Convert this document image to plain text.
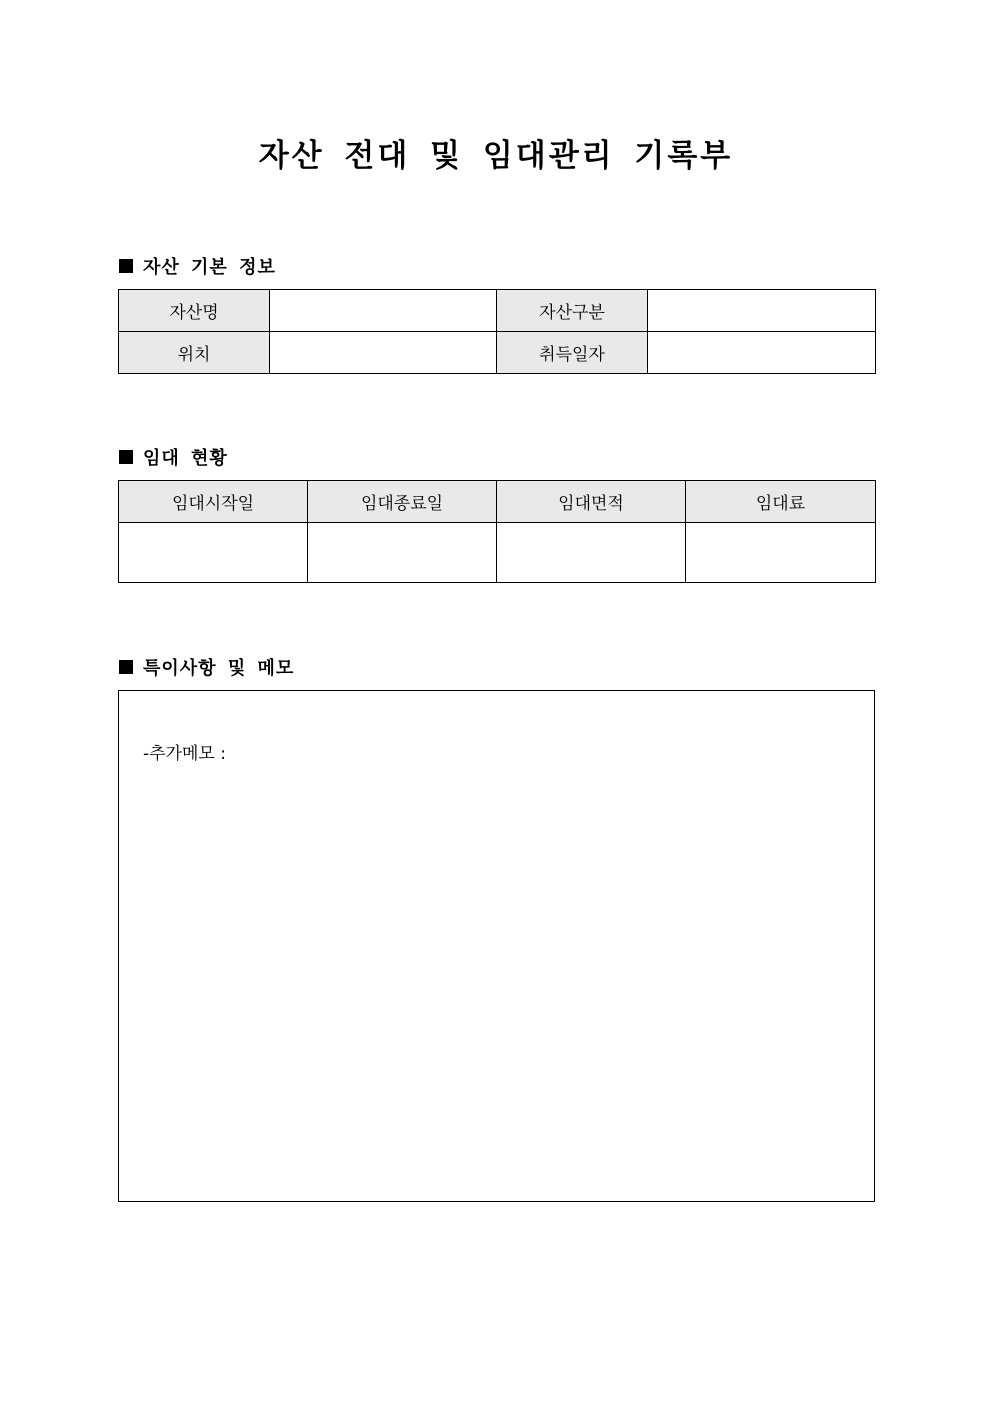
자산 전대 및 임대관리 기록부
자산 기본 정보
자산명		자산구분	
위치		취득일자	
임대 현황
임대시작일	임대종료일	임대면적	임대료

특이사항 및 메모
-추가메모 :
